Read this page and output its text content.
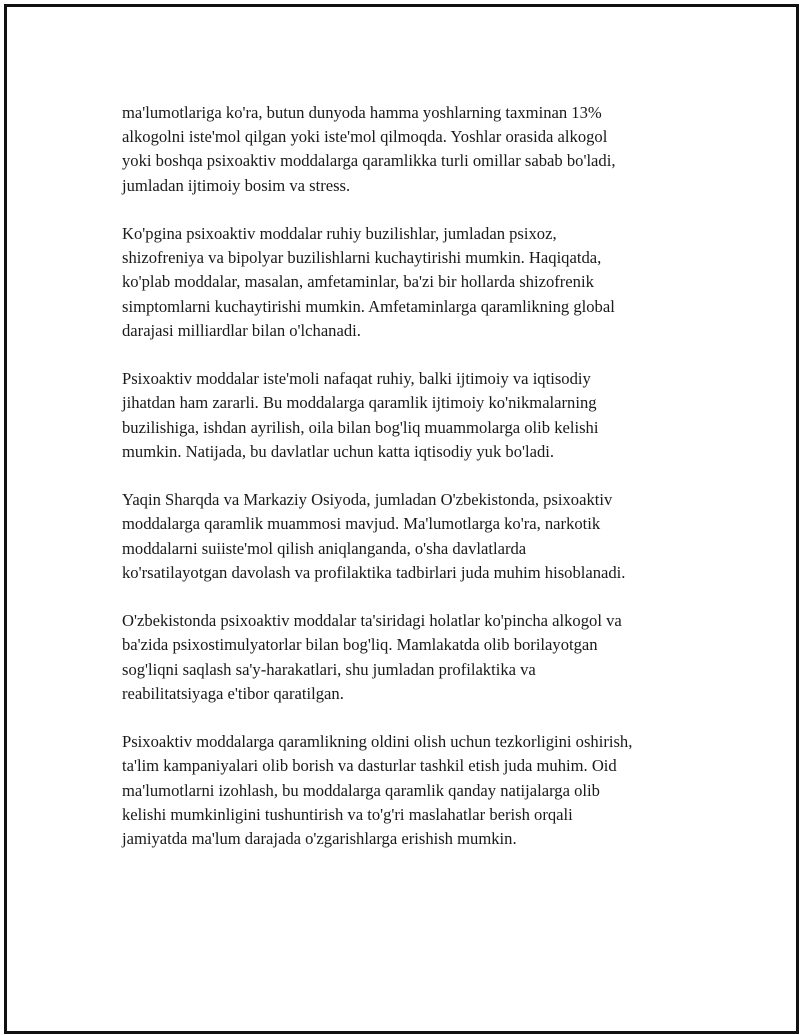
ma'lumotlariga ko'ra, butun dunyoda hamma yoshlarning taxminan 13%
alkogolni iste'mol qilgan yoki iste'mol qilmoqda. Yoshlar orasida alkogol
yoki boshqa psixoaktiv moddalarga qaramlikka turli omillar sabab bo'ladi,
jumladan ijtimoiy bosim va stress.

Ko'pgina psixoaktiv moddalar ruhiy buzilishlar, jumladan psixoz,
shizofreniya va bipolyar buzilishlarni kuchaytirishi mumkin. Haqiqatda,
ko'plab moddalar, masalan, amfetaminlar, ba'zi bir hollarda shizofrenik
simptomlarni kuchaytirishi mumkin. Amfetaminlarga qaramlikning global
darajasi milliardlar bilan o'lchanadi.

Psixoaktiv moddalar iste'moli nafaqat ruhiy, balki ijtimoiy va iqtisodiy
jihatdan ham zararli. Bu moddalarga qaramlik ijtimoiy ko'nikmalarning
buzilishiga, ishdan ayrilish, oila bilan bog'liq muammolarga olib kelishi
mumkin. Natijada, bu davlatlar uchun katta iqtisodiy yuk bo'ladi.

Yaqin Sharqda va Markaziy Osiyoda, jumladan O'zbekistonda, psixoaktiv
moddalarga qaramlik muammosi mavjud. Ma'lumotlarga ko'ra, narkotik
moddalarni suiiste'mol qilish aniqlanganda, o'sha davlatlarda
ko'rsatilayotgan davolash va profilaktika tadbirlari juda muhim hisoblanadi.

O'zbekistonda psixoaktiv moddalar ta'siridagi holatlar ko'pincha alkogol va
ba'zida psixostimulyatorlar bilan bog'liq. Mamlakatda olib borilayotgan
sog'liqni saqlash sa'y-harakatlari, shu jumladan profilaktika va
reabilitatsiyaga e'tibor qaratilgan.

Psixoaktiv moddalarga qaramlikning oldini olish uchun tezkorligini oshirish,
ta'lim kampaniyalari olib borish va dasturlar tashkil etish juda muhim. Oid
ma'lumotlarni izohlash, bu moddalarga qaramlik qanday natijalarga olib
kelishi mumkinligini tushuntirish va to'g'ri maslahatlar berish orqali
jamiyatda ma'lum darajada o'zgarishlarga erishish mumkin.
